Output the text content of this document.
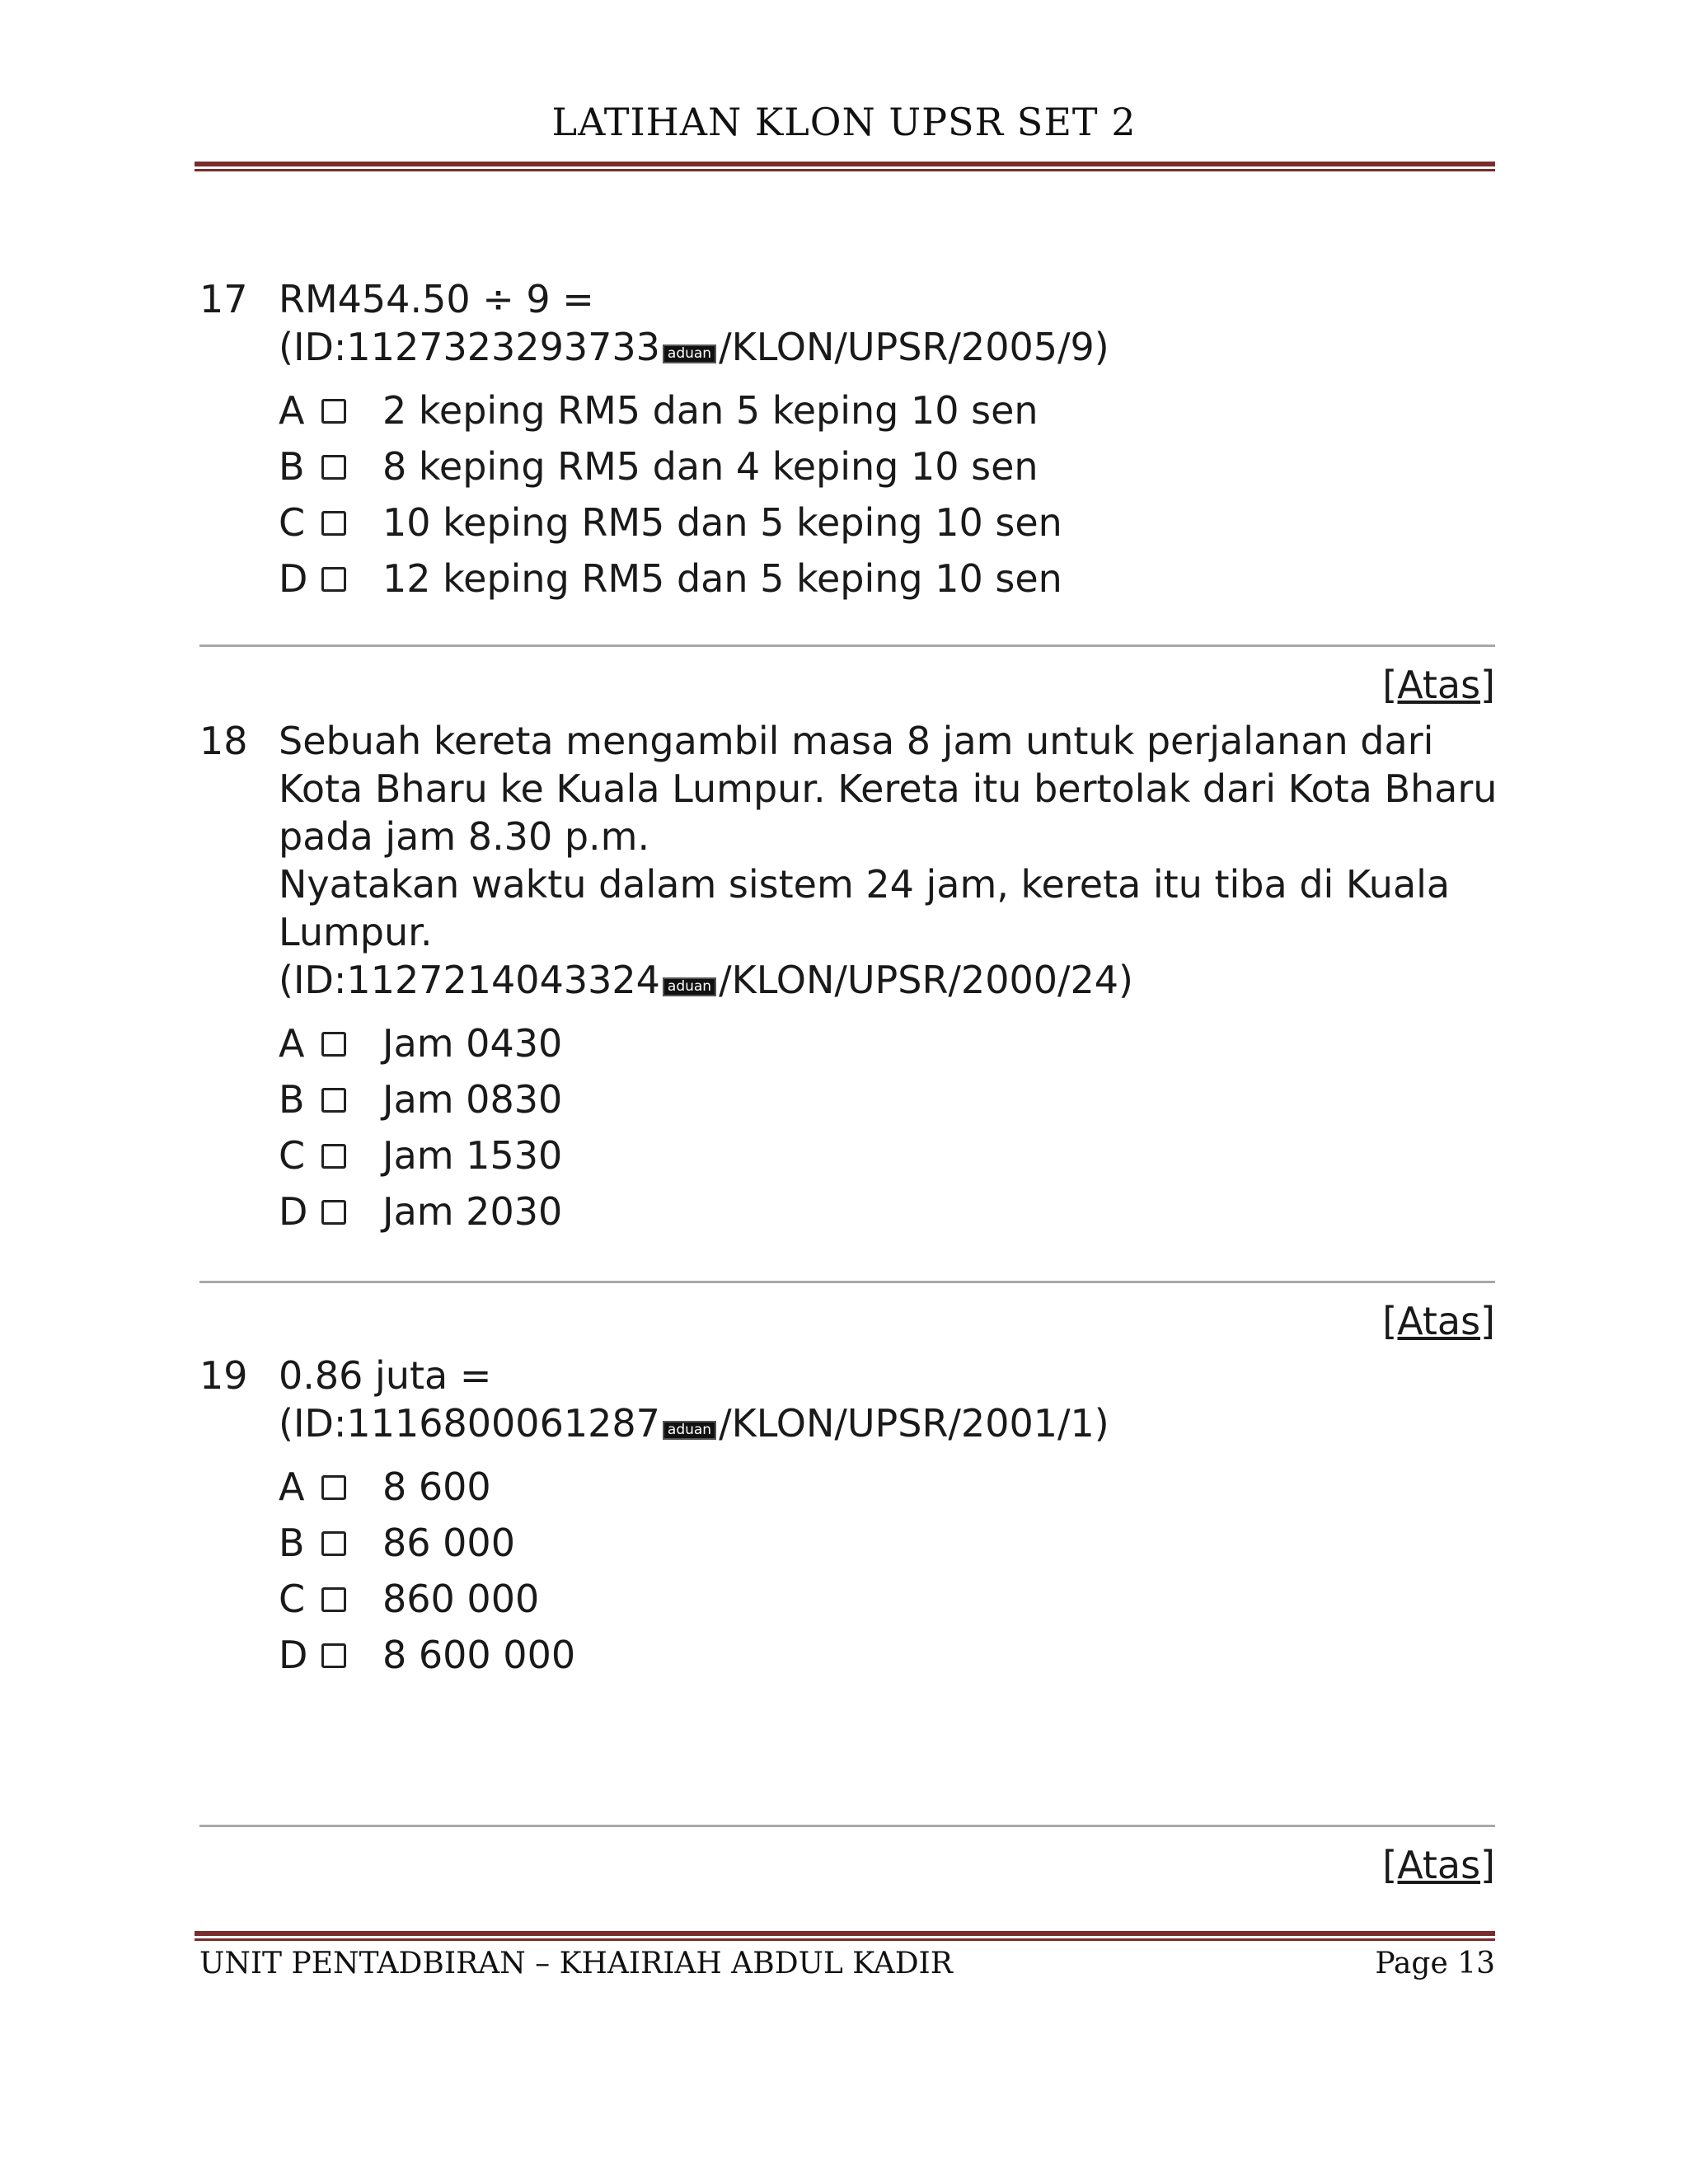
LATIHAN KLON UPSR SET 2
17 RM454.50 ÷ 9 =
(ID:1127323293733 aduan /KLON/UPSR/2005/9)
A	2 keping RM5 dan 5 keping 10 sen
B	8 keping RM5 dan 4 keping 10 sen
C	10 keping RM5 dan 5 keping 10 sen
D	12 keping RM5 dan 5 keping 10 sen
[Atas]
18 Sebuah kereta mengambil masa 8 jam untuk perjalanan dari
Kota Bharu ke Kuala Lumpur. Kereta itu bertolak dari Kota Bharu
pada jam 8.30 p.m.
Nyatakan waktu dalam sistem 24 jam, kereta itu tiba di Kuala
Lumpur.
(ID:1127214043324 aduan /KLON/UPSR/2000/24)
A	Jam 0430
B	Jam 0830
C	Jam 1530
D	Jam 2030
[Atas]
19 0.86 juta =
(ID:1116800061287 aduan /KLON/UPSR/2001/1)
A	8 600
B	86 000
C	860 000
D	8 600 000
[Atas]
UNIT PENTADBIRAN – KHAIRIAH ABDUL KADIR	Page 13
